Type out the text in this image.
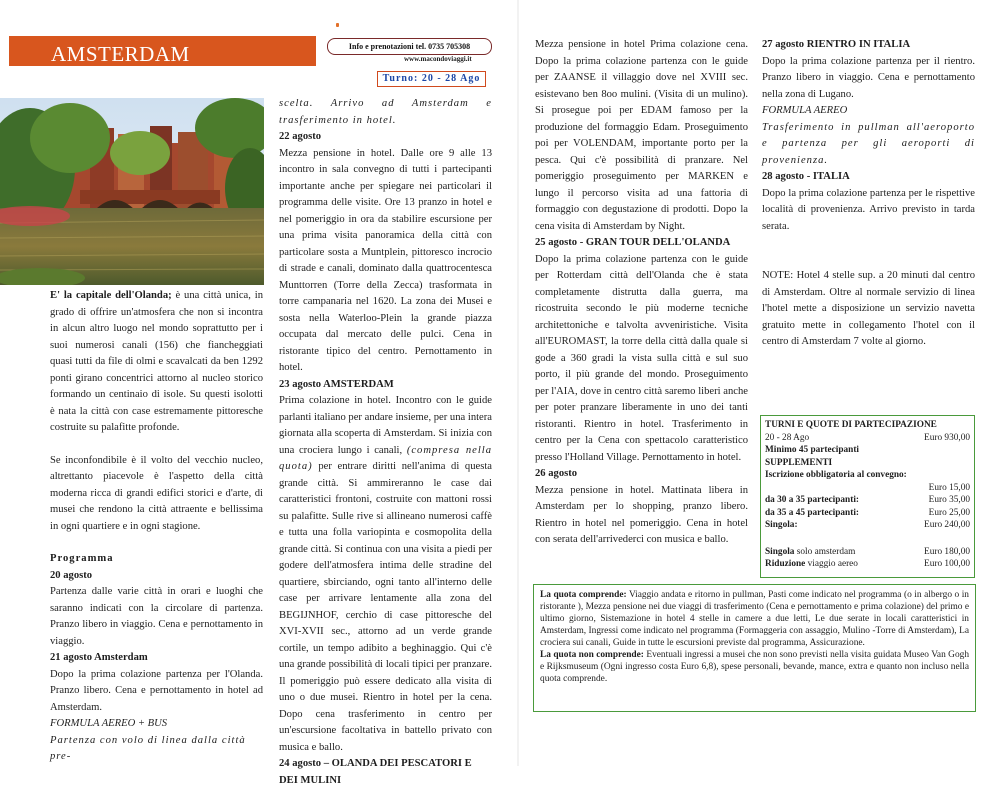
AMSTERDAM	Info e prenotazioni tel. 0735 705308
www.macondoviaggi.it
Turno: 20 - 28 Ago

E' la capitale dell'Olanda; è una città unica, in grado di offrire un'atmosfera che non si incontra in alcun altro luogo nel mondo soprattutto per i suoi numerosi canali (156) che fiancheggiati quasi tutti da file di olmi e scavalcati da ben 1292 ponti girano concentrici attorno al nucleo storico formando un centinaio di isole. Su questi isolotti è nata la città con case estremamente pittoresche costruite su palafitte profonde.

Se inconfondibile è il volto del vecchio nucleo, altrettanto piacevole è l'aspetto della città moderna ricca di grandi edifici storici e d'arte, di musei che rendono la città attraente e bellissima in ogni quartiere e in ogni stagione.

Programma

20 agosto

Partenza dalle varie città in orari e luoghi che saranno indicati con la circolare di partenza. Pranzo libero in viaggio. Cena e pernottamento in viaggio.

21 agosto Amsterdam

Dopo la prima colazione partenza per l'Olanda. Pranzo libero. Cena e pernottamento in hotel ad Amsterdam.

FORMULA AEREO + BUS

Partenza con volo di linea dalla città pre-

scelta. Arrivo ad Amsterdam e trasferimento in hotel.

22 agosto

Mezza pensione in hotel. Dalle ore 9 alle 13 incontro in sala convegno di tutti i partecipanti importante anche per spiegare nei particolari il programma delle visite. Ore 13 pranzo in hotel e nel pomeriggio in ora da stabilire escursione per una prima visita panoramica della città con particolare sosta a Muntplein, pittoresco incrocio di strade e canali, dominato dalla quattrocentesca Munttorren (Torre della Zecca) trasformata in torre campanaria nel 1620. La zona dei Musei e sosta nella Waterloo-Plein la grande piazza occupata dal mercato delle pulci. Cena in ristorante tipico del centro. Pernottamento in hotel.

23 agosto AMSTERDAM

Prima colazione in hotel. Incontro con le guide parlanti italiano per andare insieme, per una intera giornata alla scoperta di Amsterdam. Si inizia con una crociera lungo i canali, (compresa nella quota) per entrare diritti nell'anima di questa grande città. Si ammireranno le case dai caratteristici frontoni, costruite con mattoni rossi su palafitte. Sulle rive si allineano numerosi caffè e tutta una folla variopinta e cosmopolita della grande città. Si continua con una visita a piedi per godere dell'atmosfera intima delle stradine del quartiere, sbirciando, ogni tanto all'interno delle case per arrivare lentamente alla zona del BEGIJNHOF, cerchio di case pittoresche del XVI-XVII sec., attorno ad un verde grande cortile, un tempo adibito a beghinaggio. Qui c'è una grande possibilità di locali tipici per pranzare. Il pomeriggio può essere dedicato alla visita di uno o due musei. Rientro in hotel per la cena. Dopo cena trasferimento in centro per un'escursione facoltativa in battello privato con musica e ballo.

24 agosto – OLANDA DEI PESCATORI E DEI MULINI

Mezza pensione in hotel Prima colazione cena. Dopo la prima colazione partenza con le guide per ZAANSE il villaggio dove nel XVIII sec. esistevano ben 8oo mulini. (Visita di un mulino). Si prosegue poi per EDAM famoso per la produzione del formaggio Edam. Proseguimento poi per VOLENDAM, importante porto per la pesca. Qui c'è possibilità di pranzare. Nel pomeriggio proseguimento per MARKEN e lungo il percorso visita ad una fattoria di formaggio con degustazione di prodotti. Dopo la cena visita di Amsterdam by Night.

25 agosto - GRAN TOUR DELL'OLANDA

Dopo la prima colazione partenza con le guide per Rotterdam città dell'Olanda che è stata completamente distrutta dalla guerra, ma ricostruita secondo le più moderne tecniche architettoniche e talvolta avveniristiche. Visita all'EUROMAST, la torre della città dalla quale si gode a 360 gradi la vista sulla città e sul suo porto, il più grande del mondo. Proseguimento per l'AIA, dove in centro città saremo liberi anche per poter pranzare liberamente in uno dei tanti ristoranti. Rientro in hotel. Trasferimento in centro per la Cena con spettacolo caratteristico presso l'Holland Village. Pernottamento in hotel.

26 agosto

Mezza pensione in hotel. Mattinata libera in Amsterdam per lo shopping, pranzo libero. Rientro in hotel nel pomeriggio. Cena in hotel con serata dell'arrivederci con musica e ballo.

27 agosto RIENTRO IN ITALIA

Dopo la prima colazione partenza per il rientro. Pranzo libero in viaggio. Cena e pernottamento nella zona di Lugano.

FORMULA AEREO

Trasferimento in pullman all'aeroporto e partenza per gli aeroporti di provenienza.

28 agosto - ITALIA

Dopo la prima colazione partenza per le rispettive località di provenienza. Arrivo previsto in tarda serata.

NOTE: Hotel 4 stelle sup. a 20 minuti dal centro di Amsterdam. Oltre al normale servizio di linea l'hotel mette a disposizione un servizio navetta gratuito mette in collegamento l'hotel con il centro di Amsterdam 7 volte al giorno.

TURNI E QUOTE DI PARTECIPAZIONE
20 - 28 Ago	Euro 930,00
Minimo 45 partecipanti
SUPPLEMENTI
Iscrizione obbligatoria al convegno:
Euro 15,00
da 30 a 35 partecipanti:	Euro 35,00
da 35 a 45 partecipanti:	Euro 25,00
Singola:	Euro 240,00
Singola solo amsterdam	Euro 180,00
Riduzione viaggio aereo	Euro 100,00

La quota comprende: Viaggio andata e ritorno in pullman, Pasti come indicato nel programma (o in albergo o in ristorante ), Mezza pensione nei due viaggi di trasferimento (Cena e pernottamento e prima colazione) del primo e ultimo giorno, Sistemazione in hotel 4 stelle in camere a due letti, Le due serate in locali caratteristici in Amsterdam, Ingressi come indicato nel programma (Formaggeria con assaggio, Mulino -Torre di Amsterdam), La crociera sui canali, Guide in tutte le escursioni previste dal programma, Assicurazione.

La quota non comprende: Eventuali ingressi a musei che non sono previsti nella visita guidata Museo Van Gogh e Rijksmuseum (Ogni ingresso costa Euro 6,8), spese personali, bevande, mance, extra e quanto non incluso nella quota comprende.
